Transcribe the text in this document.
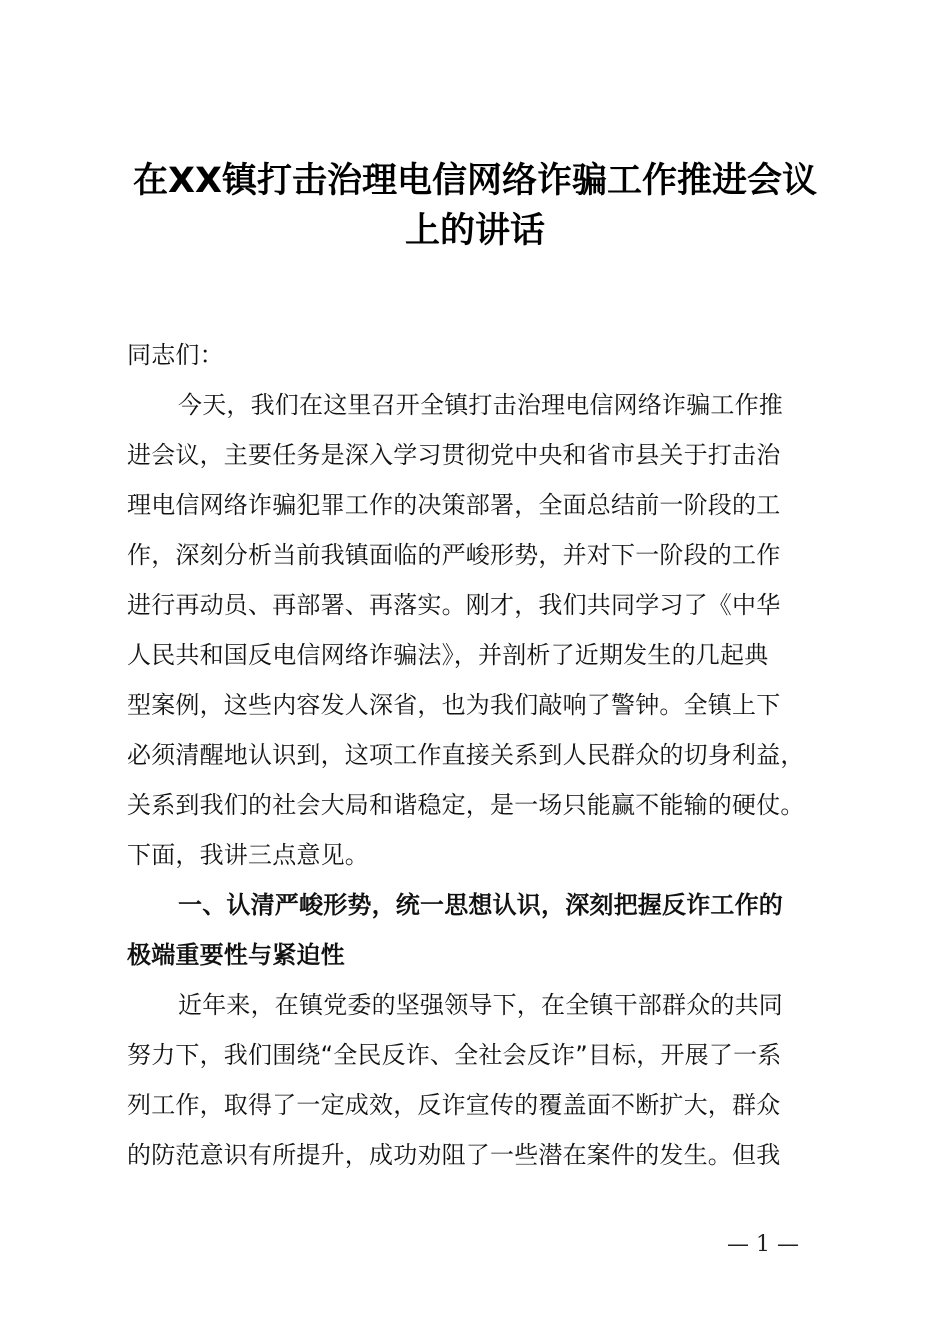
在XX镇打击治理电信网络诈骗工作推进会议
上的讲话
同志们：
今天，我们在这里召开全镇打击治理电信网络诈骗工作推
进会议，主要任务是深入学习贯彻党中央和省市县关于打击治
理电信网络诈骗犯罪工作的决策部署，全面总结前一阶段的工
作，深刻分析当前我镇面临的严峻形势，并对下一阶段的工作
进行再动员、再部署、再落实。刚才，我们共同学习了《中华
人民共和国反电信网络诈骗法》，并剖析了近期发生的几起典
型案例，这些内容发人深省，也为我们敲响了警钟。全镇上下
必须清醒地认识到，这项工作直接关系到人民群众的切身利益，
关系到我们的社会大局和谐稳定，是一场只能赢不能输的硬仗。
下面，我讲三点意见。
一、认清严峻形势，统一思想认识，深刻把握反诈工作的
极端重要性与紧迫性
近年来，在镇党委的坚强领导下，在全镇干部群众的共同
努力下，我们围绕“全民反诈、全社会反诈”目标，开展了一系
列工作，取得了一定成效，反诈宣传的覆盖面不断扩大，群众
的防范意识有所提升，成功劝阻了一些潜在案件的发生。但我
— 1 —
